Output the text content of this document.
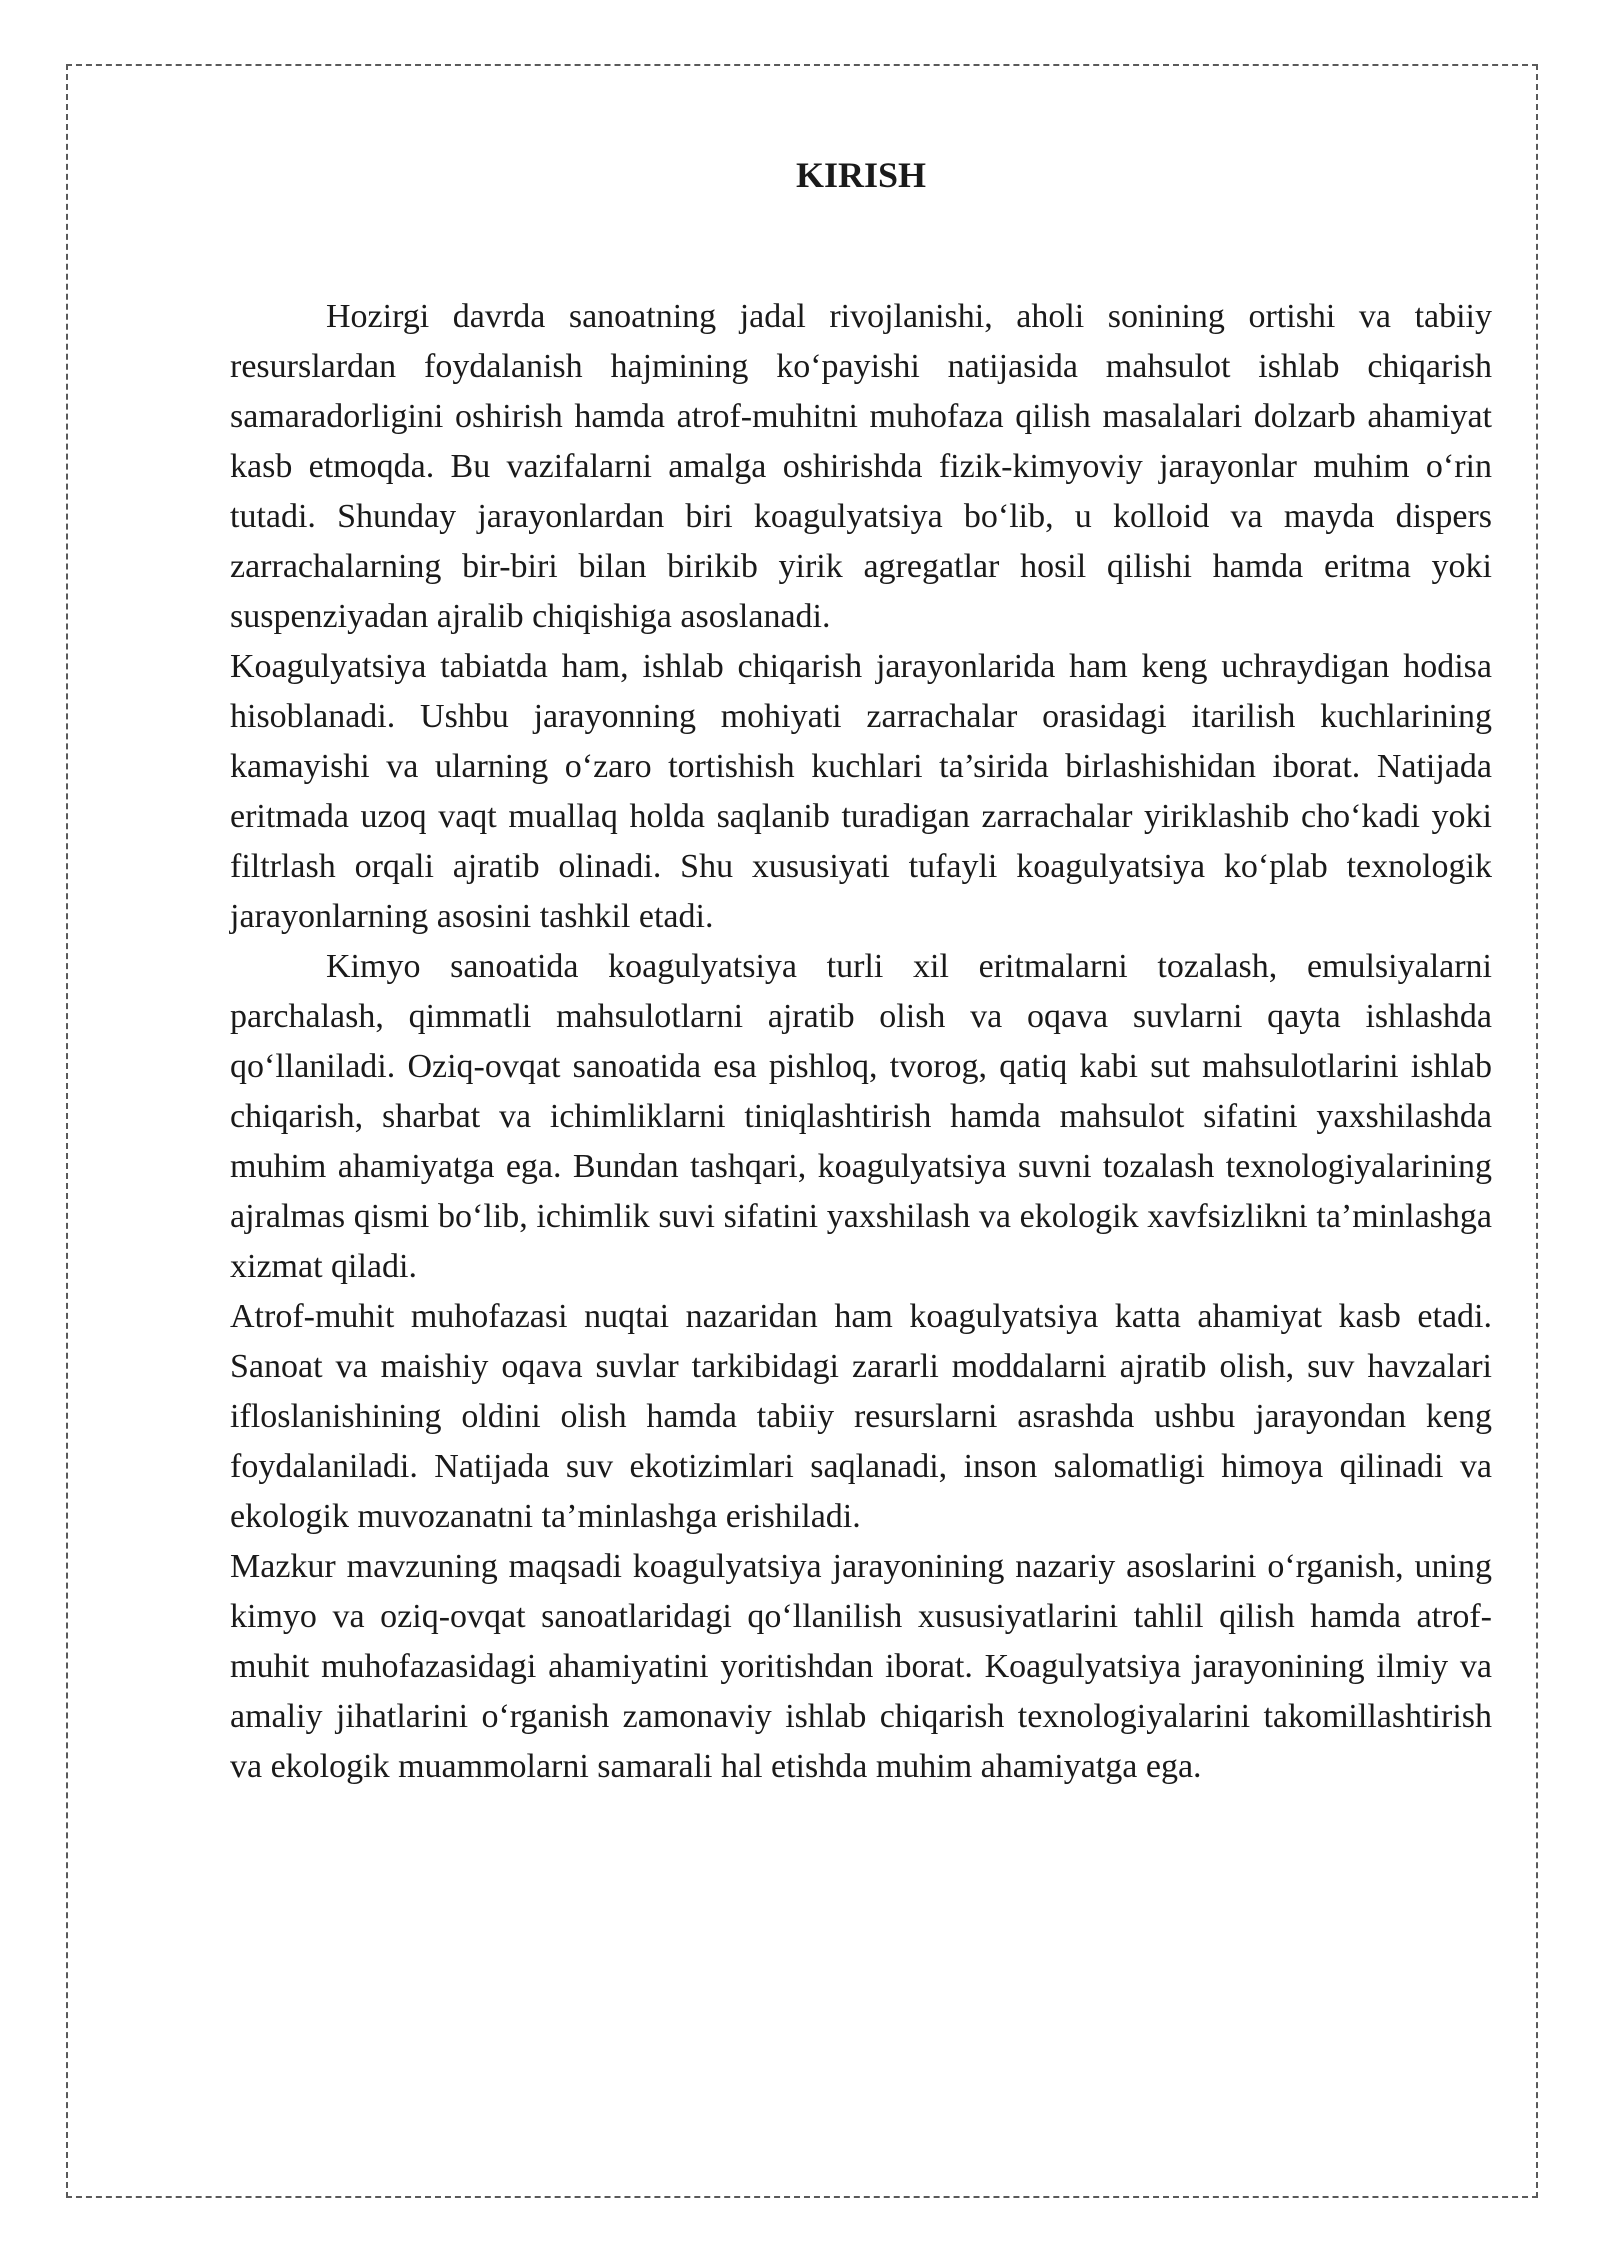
KIRISH

Hozirgi davrda sanoatning jadal rivojlanishi, aholi sonining ortishi va tabiiy resurslardan foydalanish hajmining ko‘payishi natijasida mahsulot ishlab chiqarish samaradorligini oshirish hamda atrof-muhitni muhofaza qilish masalalari dolzarb ahamiyat kasb etmoqda. Bu vazifalarni amalga oshirishda fizik-kimyoviy jarayonlar muhim o‘rin tutadi. Shunday jarayonlardan biri koagulyatsiya bo‘lib, u kolloid va mayda dispers zarrachalarning bir-biri bilan birikib yirik agregatlar hosil qilishi hamda eritma yoki suspenziyadan ajralib chiqishiga asoslanadi.

Koagulyatsiya tabiatda ham, ishlab chiqarish jarayonlarida ham keng uchraydigan hodisa hisoblanadi. Ushbu jarayonning mohiyati zarrachalar orasidagi itarilish kuchlarining kamayishi va ularning o‘zaro tortishish kuchlari ta’sirida birlashishidan iborat. Natijada eritmada uzoq vaqt muallaq holda saqlanib turadigan zarrachalar yiriklashib cho‘kadi yoki filtrlash orqali ajratib olinadi. Shu xususiyati tufayli koagulyatsiya ko‘plab texnologik jarayonlarning asosini tashkil etadi.

Kimyo sanoatida koagulyatsiya turli xil eritmalarni tozalash, emulsiyalarni parchalash, qimmatli mahsulotlarni ajratib olish va oqava suvlarni qayta ishlashda qo‘llaniladi. Oziq-ovqat sanoatida esa pishloq, tvorog, qatiq kabi sut mahsulotlarini ishlab chiqarish, sharbat va ichimliklarni tiniqlashtirish hamda mahsulot sifatini yaxshilashda muhim ahamiyatga ega. Bundan tashqari, koagulyatsiya suvni tozalash texnologiyalarining ajralmas qismi bo‘lib, ichimlik suvi sifatini yaxshilash va ekologik xavfsizlikni ta’minlashga xizmat qiladi.

Atrof-muhit muhofazasi nuqtai nazaridan ham koagulyatsiya katta ahamiyat kasb etadi. Sanoat va maishiy oqava suvlar tarkibidagi zararli moddalarni ajratib olish, suv havzalari ifloslanishining oldini olish hamda tabiiy resurslarni asrashda ushbu jarayondan keng foydalaniladi. Natijada suv ekotizimlari saqlanadi, inson salomatligi himoya qilinadi va ekologik muvozanatni ta’minlashga erishiladi.

Mazkur mavzuning maqsadi koagulyatsiya jarayonining nazariy asoslarini o‘rganish, uning kimyo va oziq-ovqat sanoatlaridagi qo‘llanilish xususiyatlarini tahlil qilish hamda atrof-muhit muhofazasidagi ahamiyatini yoritishdan iborat. Koagulyatsiya jarayonining ilmiy va amaliy jihatlarini o‘rganish zamonaviy ishlab chiqarish texnologiyalarini takomillashtirish va ekologik muammolarni samarali hal etishda muhim ahamiyatga ega.
